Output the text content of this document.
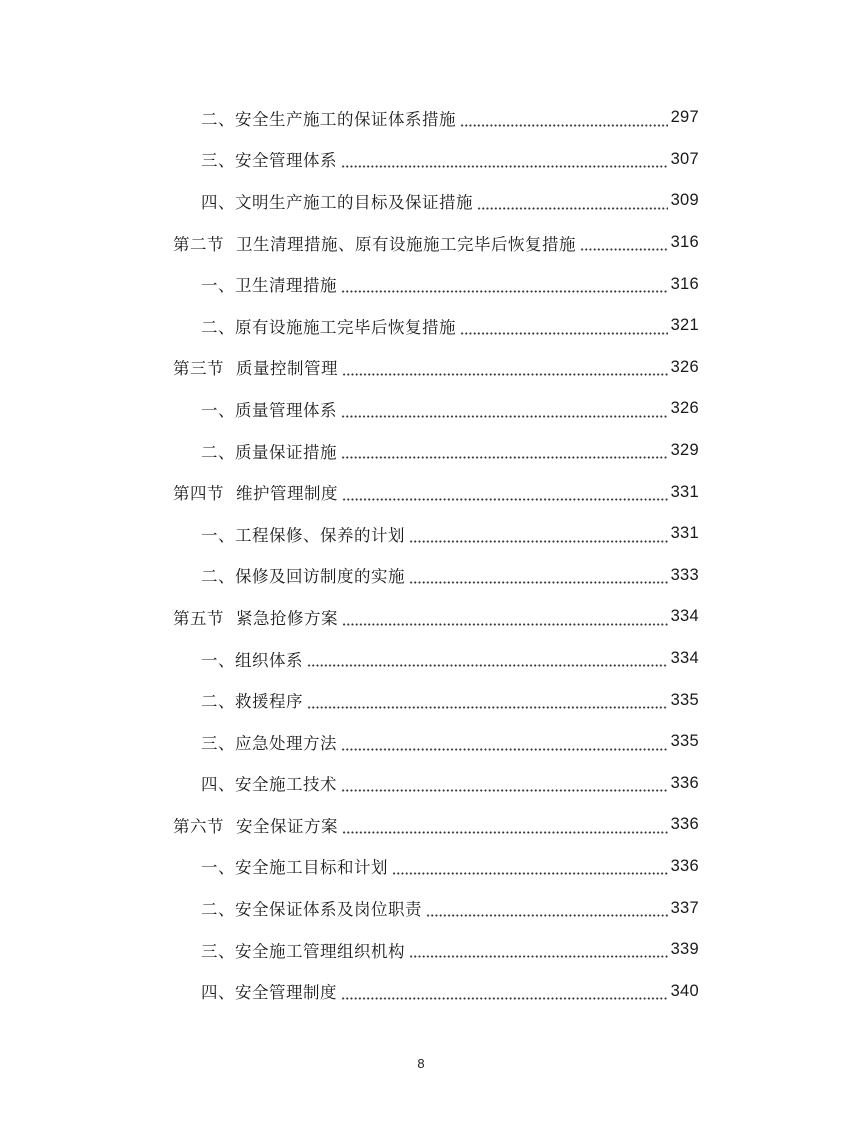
二、 安全生产施工的保证体系措施	297
三、 安全管理体系	307
四、 文明生产施工的目标及保证措施	309
第二节 卫生清理措施、原有设施施工完毕后恢复措施	316
一、 卫生清理措施	316
二、 原有设施施工完毕后恢复措施	321
第三节 质量控制管理	326
一、 质量管理体系	326
二、 质量保证措施	329
第四节 维护管理制度	331
一、 工程保修、保养的计划	331
二、 保修及回访制度的实施	333
第五节 紧急抢修方案	334
一、 组织体系	334
二、 救援程序	335
三、 应急处理方法	335
四、 安全施工技术	336
第六节 安全保证方案	336
一、 安全施工目标和计划	336
二、 安全保证体系及岗位职责	337
三、 安全施工管理组织机构	339
四、 安全管理制度	340
8
